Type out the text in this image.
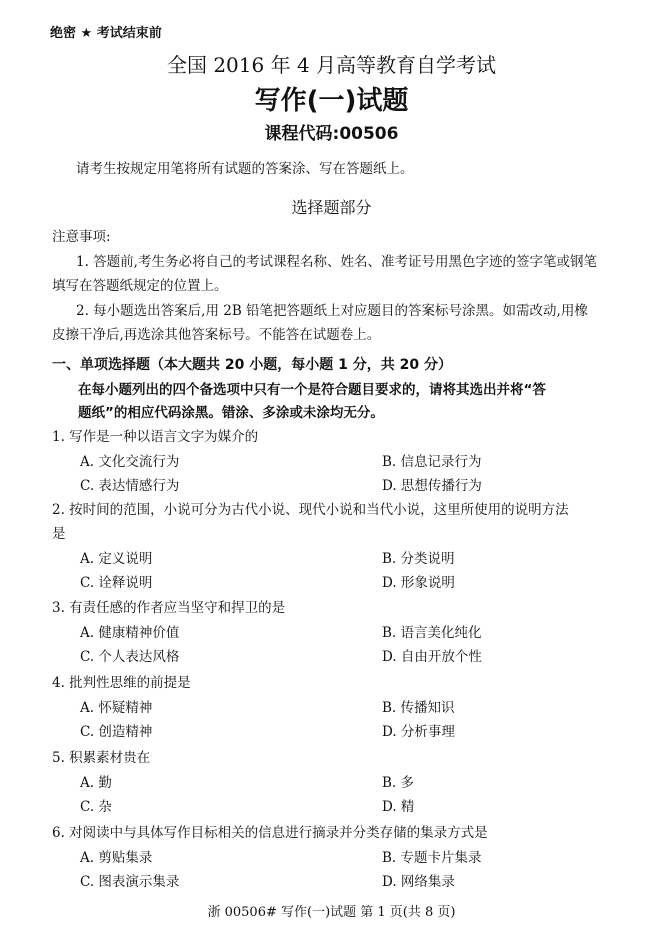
绝密 ★ 考试结束前
全国 2016 年 4 月高等教育自学考试
写作(一)试题
课程代码:00506
请考生按规定用笔将所有试题的答案涂、写在答题纸上。
选择题部分
注意事项:
1. 答题前,考生务必将自己的考试课程名称、姓名、准考证号用黑色字迹的签字笔或钢笔
填写在答题纸规定的位置上。
2. 每小题选出答案后,用 2B 铅笔把答题纸上对应题目的答案标号涂黑。如需改动,用橡
皮擦干净后,再选涂其他答案标号。不能答在试题卷上。
一、单项选择题（本大题共 20 小题，每小题 1 分，共 20 分）
在每小题列出的四个备选项中只有一个是符合题目要求的，请将其选出并将“答
题纸”的相应代码涂黑。错涂、多涂或未涂均无分。
1. 写作是一种以语言文字为媒介的
A. 文化交流行为	B. 信息记录行为
C. 表达情感行为	D. 思想传播行为
2. 按时间的范围，小说可分为古代小说、现代小说和当代小说，这里所使用的说明方法
是
A. 定义说明	B. 分类说明
C. 诠释说明	D. 形象说明
3. 有责任感的作者应当坚守和捍卫的是
A. 健康精神价值	B. 语言美化纯化
C. 个人表达风格	D. 自由开放个性
4. 批判性思维的前提是
A. 怀疑精神	B. 传播知识
C. 创造精神	D. 分析事理
5. 积累素材贵在
A. 勤	B. 多
C. 杂	D. 精
6. 对阅读中与具体写作目标相关的信息进行摘录并分类存储的集录方式是
A. 剪贴集录	B. 专题卡片集录
C. 图表演示集录	D. 网络集录
浙 00506# 写作(一)试题 第 1 页(共 8 页)
